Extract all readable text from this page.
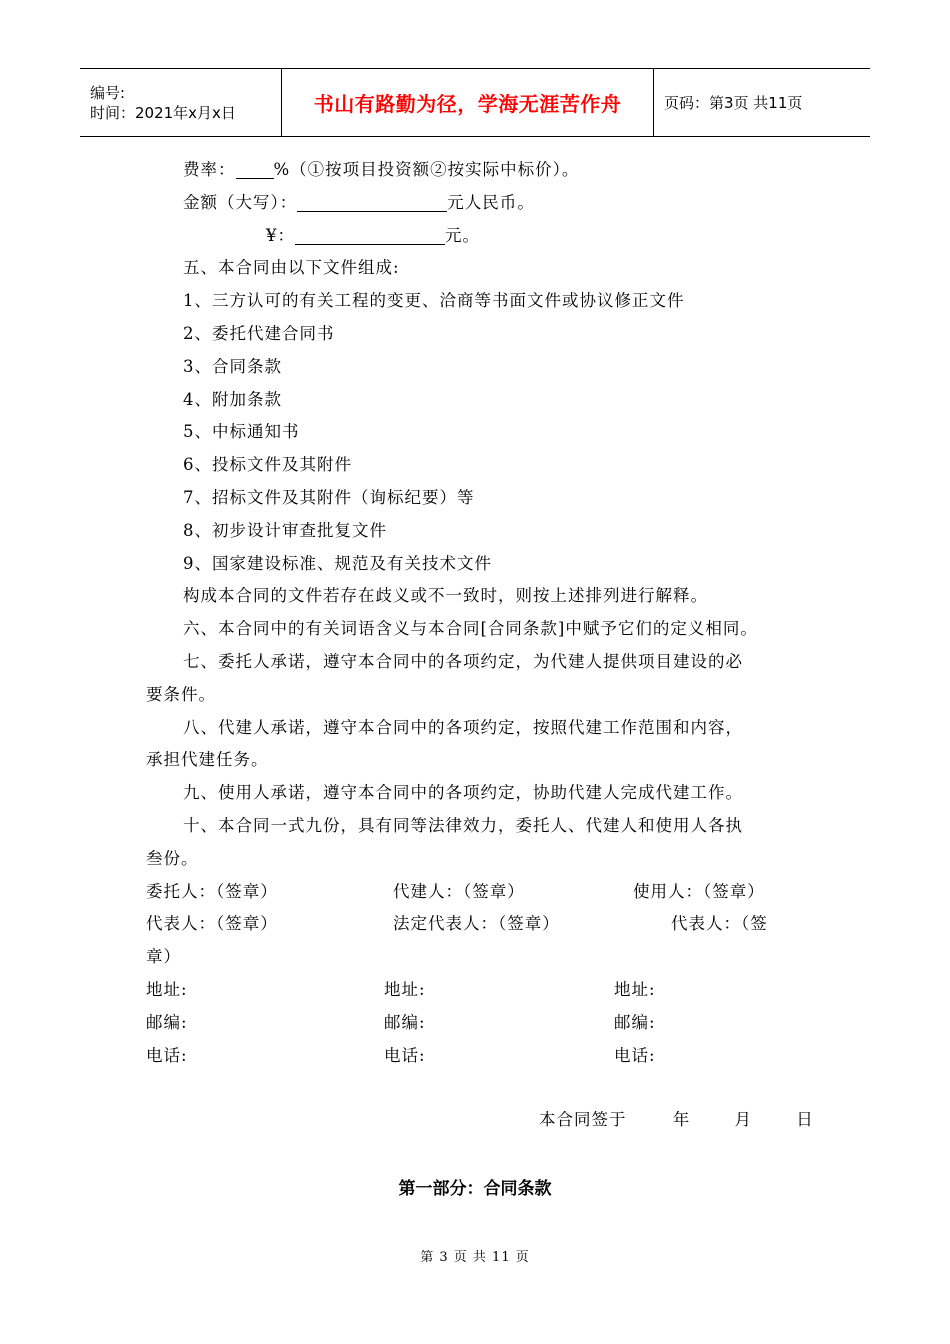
编号:
时间：2021年x月x日	书山有路勤为径，学海无涯苦作舟	页码：第3页 共11页
费率： %（①按项目投资额②按实际中标价）。
金额（大写）：	元人民币。
¥：	元。
五、本合同由以下文件组成:
1、三方认可的有关工程的变更、洽商等书面文件或协议修正文件
2、委托代建合同书
3、合同条款
4、附加条款
5、中标通知书
6、投标文件及其附件
7、招标文件及其附件（询标纪要）等
8、初步设计审查批复文件
9、国家建设标准、规范及有关技术文件
构成本合同的文件若存在歧义或不一致时，则按上述排列进行解释。
六、本合同中的有关词语含义与本合同[合同条款]中赋予它们的定义相同。
七、委托人承诺，遵守本合同中的各项约定，为代建人提供项目建设的必
要条件。
八、代建人承诺，遵守本合同中的各项约定，按照代建工作范围和内容，
承担代建任务。
九、使用人承诺，遵守本合同中的各项约定，协助代建人完成代建工作。
十、本合同一式九份，具有同等法律效力，委托人、代建人和使用人各执
叁份。
委托人：（签章）	代建人：（签章）	使用人：（签章）
代表人：（签章）	法定代表人：（签章）	代表人：（签
章）
地址:	地址:	地址:
邮编:	邮编:	邮编:
电话:	电话:	电话:
本合同签于	年	月	日
第一部分：合同条款
第 3 页 共 11 页
